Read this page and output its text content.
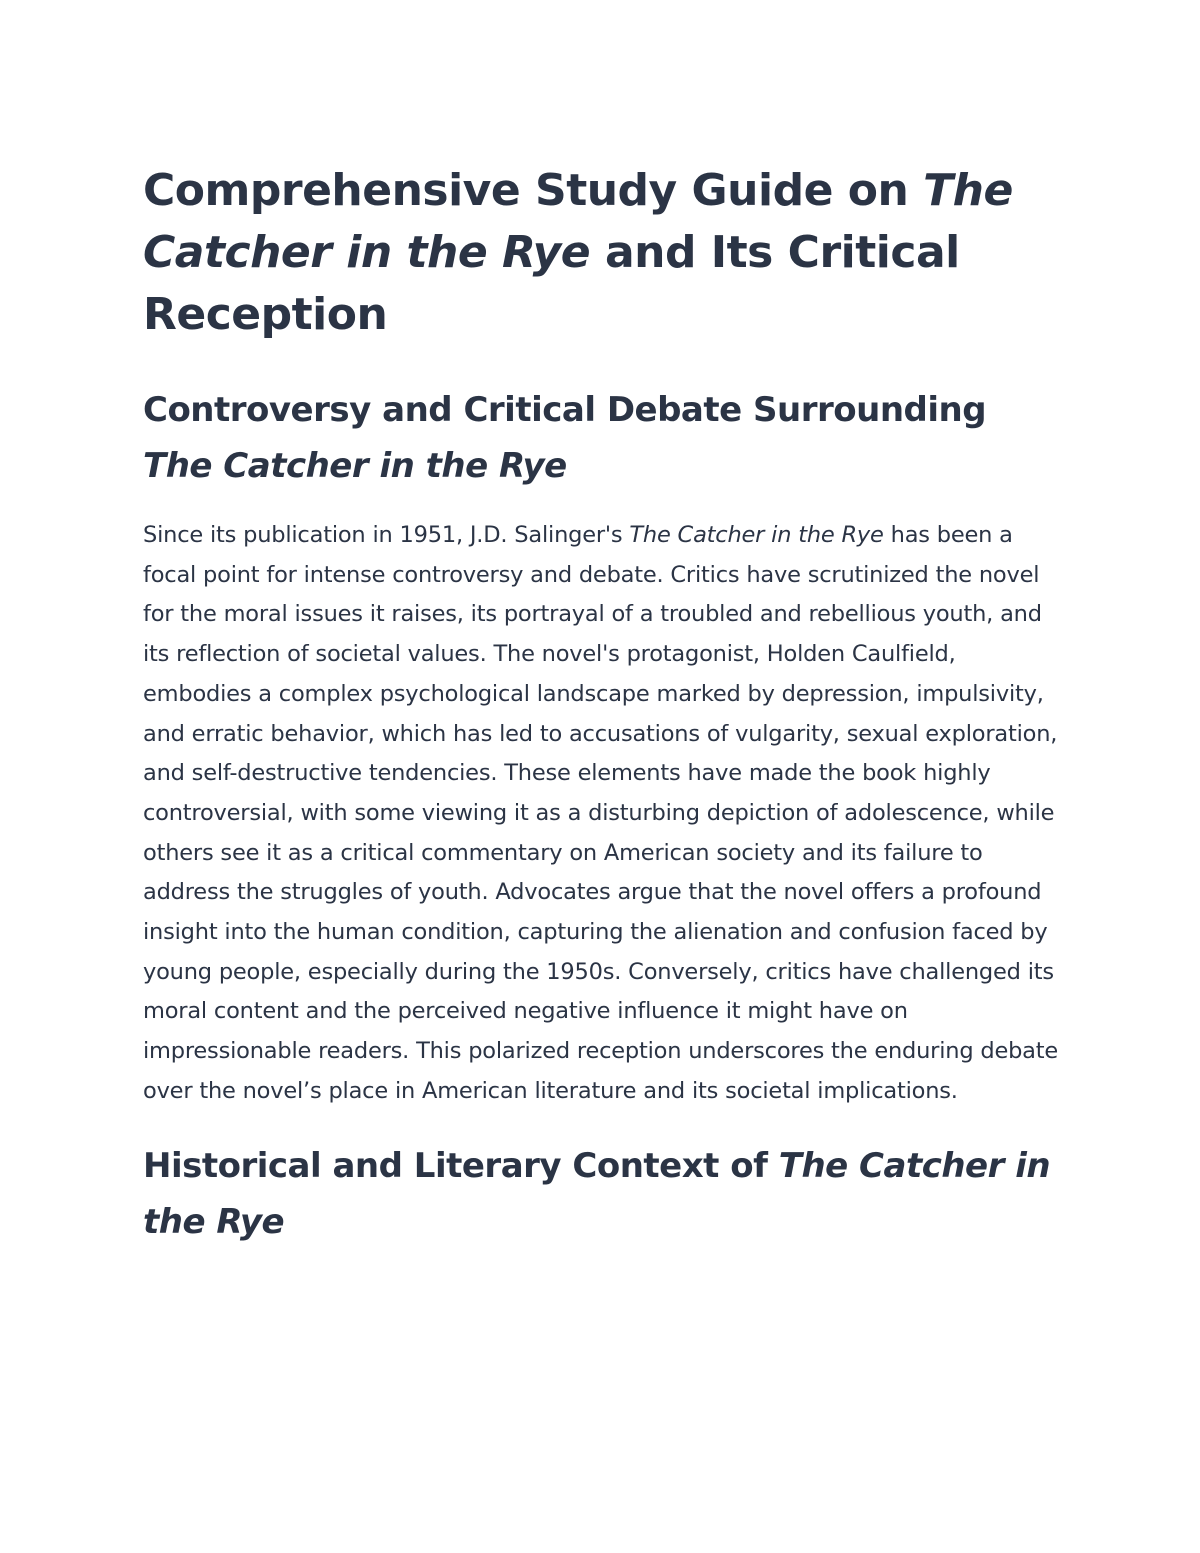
Comprehensive Study Guide on The Catcher in the Rye and Its Critical Reception
Controversy and Critical Debate Surrounding The Catcher in the Rye

Since its publication in 1951, J.D. Salinger's The Catcher in the Rye has been a focal point for intense controversy and debate. Critics have scrutinized the novel for the moral issues it raises, its portrayal of a troubled and rebellious youth, and its reflection of societal values. The novel's protagonist, Holden Caulfield, embodies a complex psychological landscape marked by depression, impulsivity, and erratic behavior, which has led to accusations of vulgarity, sexual exploration, and self-destructive tendencies. These elements have made the book highly controversial, with some viewing it as a disturbing depiction of adolescence, while others see it as a critical commentary on American society and its failure to address the struggles of youth. Advocates argue that the novel offers a profound insight into the human condition, capturing the alienation and confusion faced by young people, especially during the 1950s. Conversely, critics have challenged its moral content and the perceived negative influence it might have on impressionable readers. This polarized reception underscores the enduring debate over the novel’s place in American literature and its societal implications.

Historical and Literary Context of The Catcher in the Rye
